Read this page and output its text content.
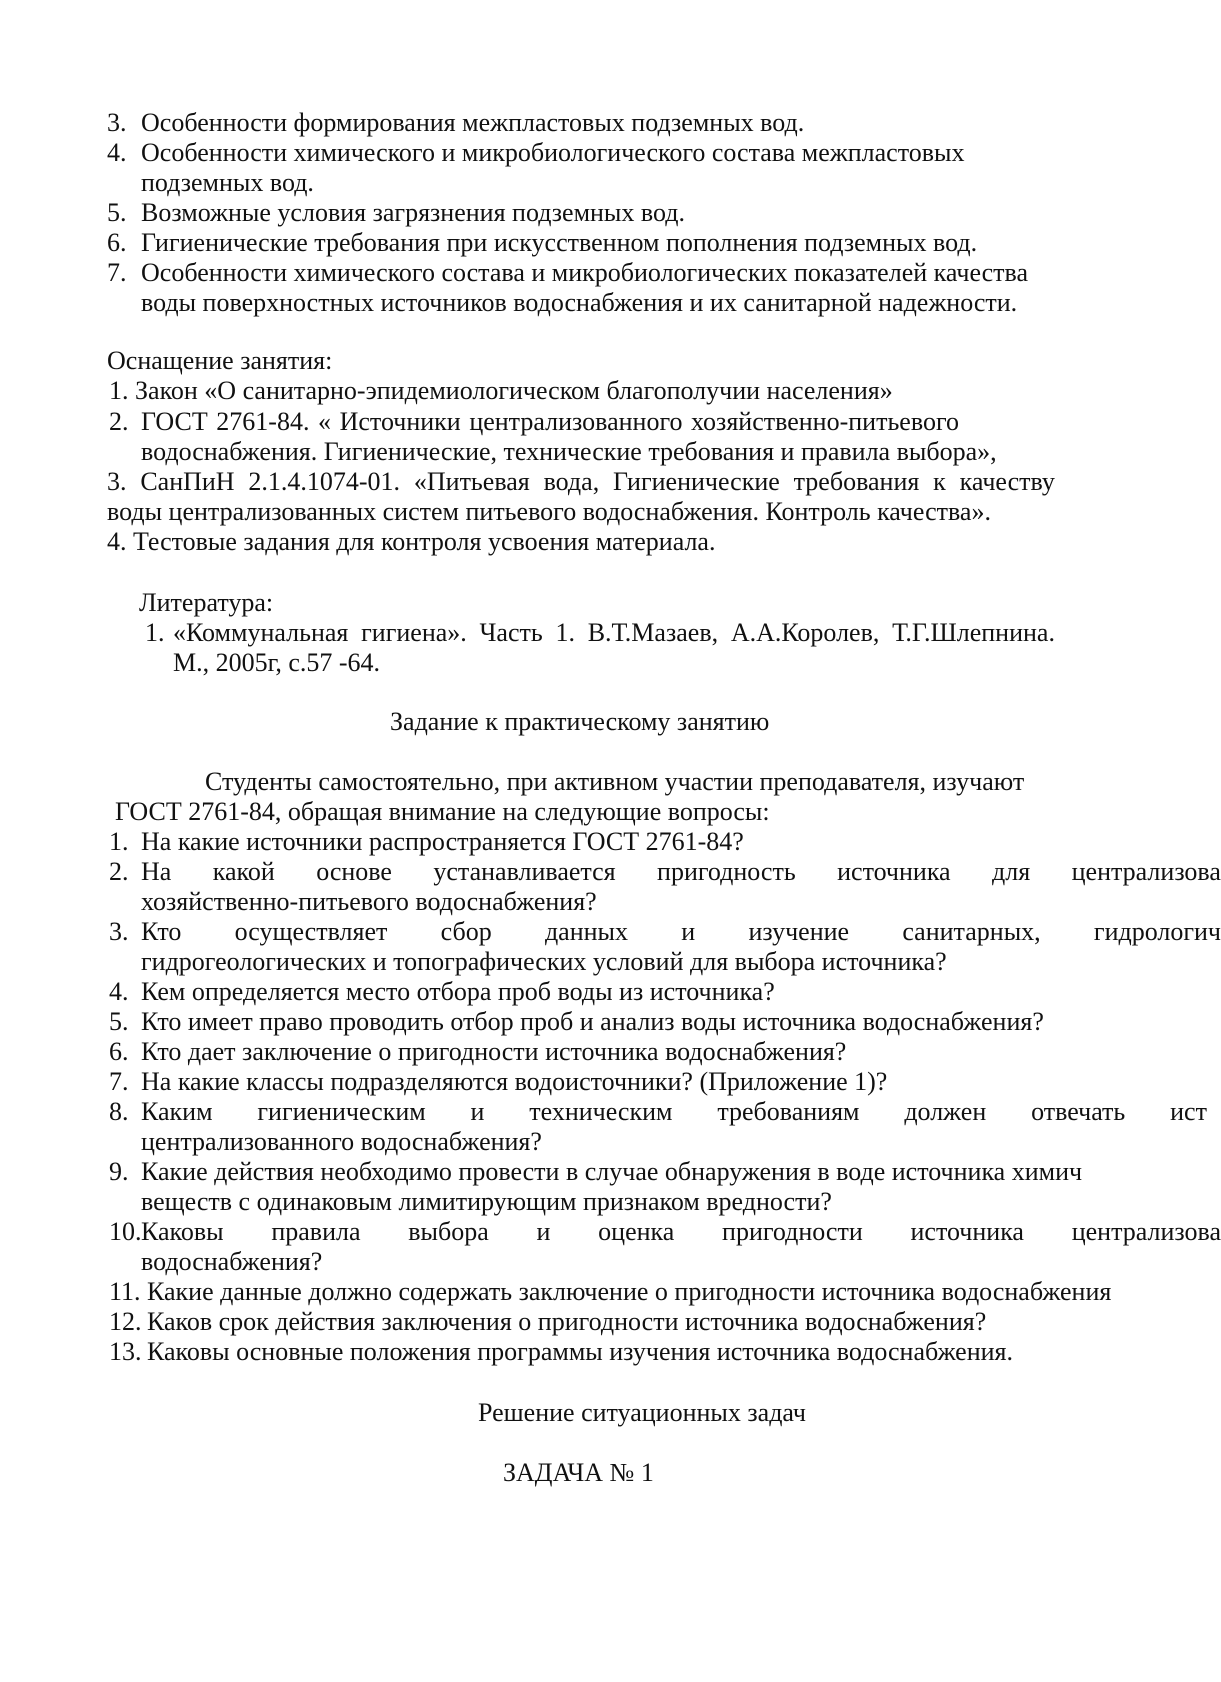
3. Особенности формирования межпластовых подземных вод.
4. Особенности химического и микробиологического состава межпластовых
подземных вод.
5. Возможные условия загрязнения подземных вод.
6. Гигиенические требования при искусственном пополнения подземных вод.
7. Особенности химического состава и микробиологических показателей качества
воды поверхностных источников водоснабжения и их санитарной надежности.
Оснащение занятия:
1. Закон «О санитарно-эпидемиологическом благополучии населения»
2. ГОСТ 2761-84. « Источники централизованного хозяйственно-питьевого
водоснабжения. Гигиенические, технические требования и правила выбора»,
3. СанПиН 2.1.4.1074-01. «Питьевая вода, Гигиенические требования к качеству
воды централизованных систем питьевого водоснабжения. Контроль качества».
4. Тестовые задания для контроля усвоения материала.
Литература:
1. «Коммунальная гигиена». Часть 1. В.Т.Мазаев, А.А.Королев, Т.Г.Шлепнина.
М., 2005г, с.57 -64.
Задание к практическому занятию
Студенты самостоятельно, при активном участии преподавателя, изучают
ГОСТ 2761-84, обращая внимание на следующие вопросы:
1. На какие источники распространяется ГОСТ 2761-84?
2. На какой основе устанавливается пригодность источника для централизова
хозяйственно-питьевого водоснабжения?
3. Кто осуществляет сбор данных и изучение санитарных, гидрологич
гидрогеологических и топографических условий для выбора источника?
4. Кем определяется место отбора проб воды из источника?
5. Кто имеет право проводить отбор проб и анализ воды источника водоснабжения?
6. Кто дает заключение о пригодности источника водоснабжения?
7. На какие классы подразделяются водоисточники? (Приложение 1)?
8. Каким гигиеническим и техническим требованиям должен отвечать ист
централизованного водоснабжения?
9. Какие действия необходимо провести в случае обнаружения в воде источника химич
веществ с одинаковым лимитирующим признаком вредности?
10. Каковы правила выбора и оценка пригодности источника централизова
водоснабжения?
11. Какие данные должно содержать заключение о пригодности источника водоснабжения
12. Каков срок действия заключения о пригодности источника водоснабжения?
13. Каковы основные положения программы изучения источника водоснабжения.
Решение ситуационных задач
ЗАДАЧА № 1
